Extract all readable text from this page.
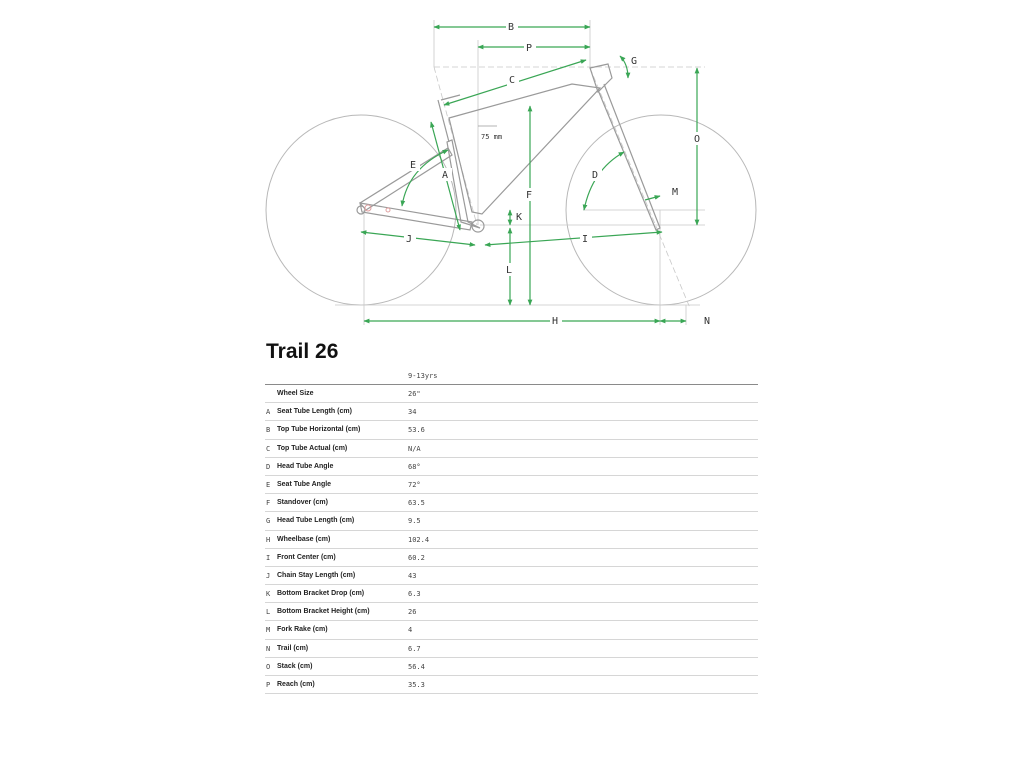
B
P
C
G
O
75 mm
A
E
F
D
M
K
J	I
L
H	N
Trail 26
9-13yrs
Wheel Size	26"
A Seat Tube Length (cm)	34
B Top Tube Horizontal (cm)	53.6
C Top Tube Actual (cm)	N/A
D Head Tube Angle	68°
E Seat Tube Angle	72°
F Standover (cm)	63.5
G Head Tube Length (cm)	9.5
H Wheelbase (cm)	102.4
I Front Center (cm)	60.2
J Chain Stay Length (cm)	43
K Bottom Bracket Drop (cm)	6.3
L Bottom Bracket Height (cm)	26
M Fork Rake (cm)	4
N Trail (cm)	6.7
O Stack (cm)	56.4
P Reach (cm)	35.3
